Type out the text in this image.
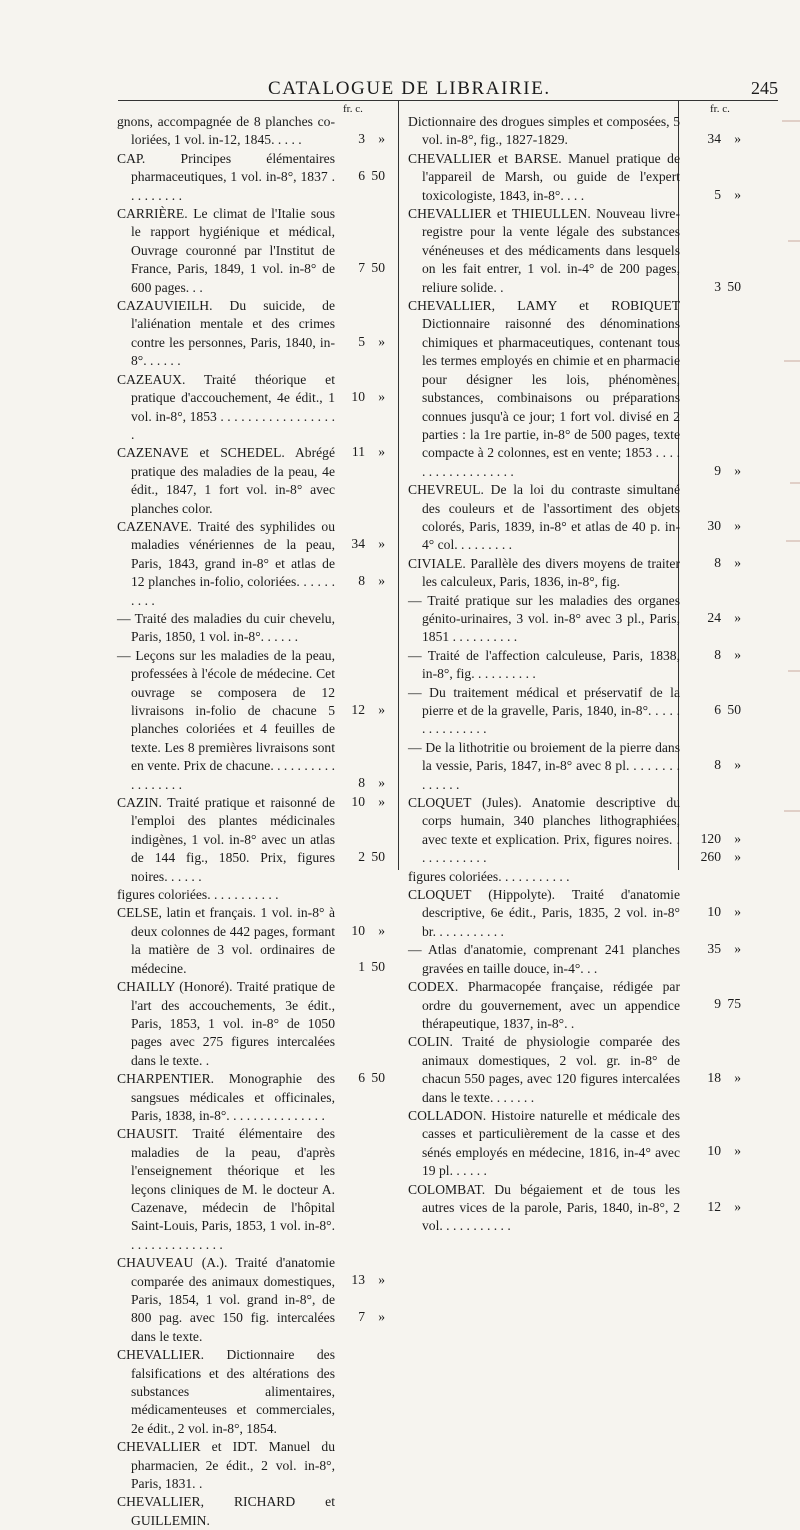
CATALOGUE DE LIBRAIRIE.	245
fr. c.	fr. c.

gnons, accompagnée de 8 planches co-loriées, 1 vol. in-12, 1845. . . . .

CAP. Principes élémentaires pharmaceutiques, 1 vol. in-8°, 1837 . . . . . . . . .

CARRIÈRE. Le climat de l'Italie sous le rapport hygiénique et médical, Ouvrage couronné par l'Institut de France, Paris, 1849, 1 vol. in-8° de 600 pages. . .

CAZAUVIEILH. Du suicide, de l'aliénation mentale et des crimes contre les personnes, Paris, 1840, in-8°. . . . . .

CAZEAUX. Traité théorique et pratique d'accouchement, 4e édit., 1 vol. in-8°, 1853 . . . . . . . . . . . . . . . . . .

CAZENAVE et SCHEDEL. Abrégé pratique des maladies de la peau, 4e édit., 1847, 1 fort vol. in-8° avec planches color.

CAZENAVE. Traité des syphilides ou maladies vénériennes de la peau, Paris, 1843, grand in-8° et atlas de 12 planches in-folio, coloriées. . . . . . . . . .

— Traité des maladies du cuir chevelu, Paris, 1850, 1 vol. in-8°. . . . . .

— Leçons sur les maladies de la peau, professées à l'école de médecine. Cet ouvrage se composera de 12 livraisons in-folio de chacune 5 planches coloriées et 4 feuilles de texte. Les 8 premières livraisons sont en vente. Prix de chacune. . . . . . . . . . . . . . . . . .

CAZIN. Traité pratique et raisonné de l'emploi des plantes médicinales indigènes, 1 vol. in-8° avec un atlas de 144 fig., 1850. Prix, figures noires. . . . . .

figures coloriées. . . . . . . . . . .

CELSE, latin et français. 1 vol. in-8° à deux colonnes de 442 pages, formant la matière de 3 vol. ordinaires de médecine.

CHAILLY (Honoré). Traité pratique de l'art des accouchements, 3e édit., Paris, 1853, 1 vol. in-8° de 1050 pages avec 275 figures intercalées dans le texte. .

CHARPENTIER. Monographie des sangsues médicales et officinales, Paris, 1838, in-8°. . . . . . . . . . . . . . .

CHAUSIT. Traité élémentaire des maladies de la peau, d'après l'enseignement théorique et les leçons cliniques de M. le docteur A. Cazenave, médecin de l'hôpital Saint-Louis, Paris, 1853, 1 vol. in-8°. . . . . . . . . . . . . . .

CHAUVEAU (A.). Traité d'anatomie comparée des animaux domestiques, Paris, 1854, 1 vol. grand in-8°, de 800 pag. avec 150 fig. intercalées dans le texte.

CHEVALLIER. Dictionnaire des falsifications et des altérations des substances alimentaires, médicamenteuses et commerciales, 2e édit., 2 vol. in-8°, 1854.

CHEVALLIER et IDT. Manuel du pharmacien, 2e édit., 2 vol. in-8°, Paris, 1831. .

CHEVALLIER, RICHARD et GUILLEMIN.

3 »
6 50
7 50
5 »
10 »
11 »
34 »
8 »
12 »
8 »
10 »
2 50
10 »
1 50
6 50
13 »
7 »

Dictionnaire des drogues simples et composées, 5 vol. in-8°, fig., 1827-1829.

CHEVALLIER et BARSE. Manuel pratique de l'appareil de Marsh, ou guide de l'expert toxicologiste, 1843, in-8°. . . .

CHEVALLIER et THIEULLEN. Nouveau livre-registre pour la vente légale des substances vénéneuses et des médicaments dans lesquels on les fait entrer, 1 vol. in-4° de 200 pages, reliure solide. .

CHEVALLIER, LAMY et ROBIQUET Dictionnaire raisonné des dénominations chimiques et pharmaceutiques, contenant tous les termes employés en chimie et en pharmacie pour désigner les lois, phénomènes, substances, combinaisons ou préparations connues jusqu'à ce jour; 1 fort vol. divisé en 2 parties : la 1re partie, in-8° de 500 pages, texte compacte à 2 colonnes, est en vente; 1853 . . . . . . . . . . . . . . . . . .

CHEVREUL. De la loi du contraste simultané des couleurs et de l'assortiment des objets colorés, Paris, 1839, in-8° et atlas de 40 p. in-4° col. . . . . . . . .

CIVIALE. Parallèle des divers moyens de traiter les calculeux, Paris, 1836, in-8°, fig.

— Traité pratique sur les maladies des organes génito-urinaires, 3 vol. in-8° avec 3 pl., Paris, 1851 . . . . . . . . . .

— Traité de l'affection calculeuse, Paris, 1838, in-8°, fig. . . . . . . . . .

— Du traitement médical et préservatif de la pierre et de la gravelle, Paris, 1840, in-8°. . . . . . . . . . . . . . .

— De la lithotritie ou broiement de la pierre dans la vessie, Paris, 1847, in-8° avec 8 pl. . . . . . . . . . . . . .

CLOQUET (Jules). Anatomie descriptive du corps humain, 340 planches lithographiées, avec texte et explication. Prix, figures noires. . . . . . . . . . . .

figures coloriées. . . . . . . . . . .

CLOQUET (Hippolyte). Traité d'anatomie descriptive, 6e édit., Paris, 1835, 2 vol. in-8° br. . . . . . . . . . .

— Atlas d'anatomie, comprenant 241 planches gravées en taille douce, in-4°. . .

CODEX. Pharmacopée française, rédigée par ordre du gouvernement, avec un appendice thérapeutique, 1837, in-8°. .

COLIN. Traité de physiologie comparée des animaux domestiques, 2 vol. gr. in-8° de chacun 550 pages, avec 120 figures intercalées dans le texte. . . . . . .

COLLADON. Histoire naturelle et médicale des casses et particulièrement de la casse et des sénés employés en médecine, 1816, in-4° avec 19 pl. . . . . .

COLOMBAT. Du bégaiement et de tous les autres vices de la parole, Paris, 1840, in-8°, 2 vol. . . . . . . . . . .

34 »
5 »
3 50
9 »
30 »
8 »
24 »
8 »
6 50
8 »
120 »
260 »
10 »
35 »
9 75
18 »
10 »
12 »
